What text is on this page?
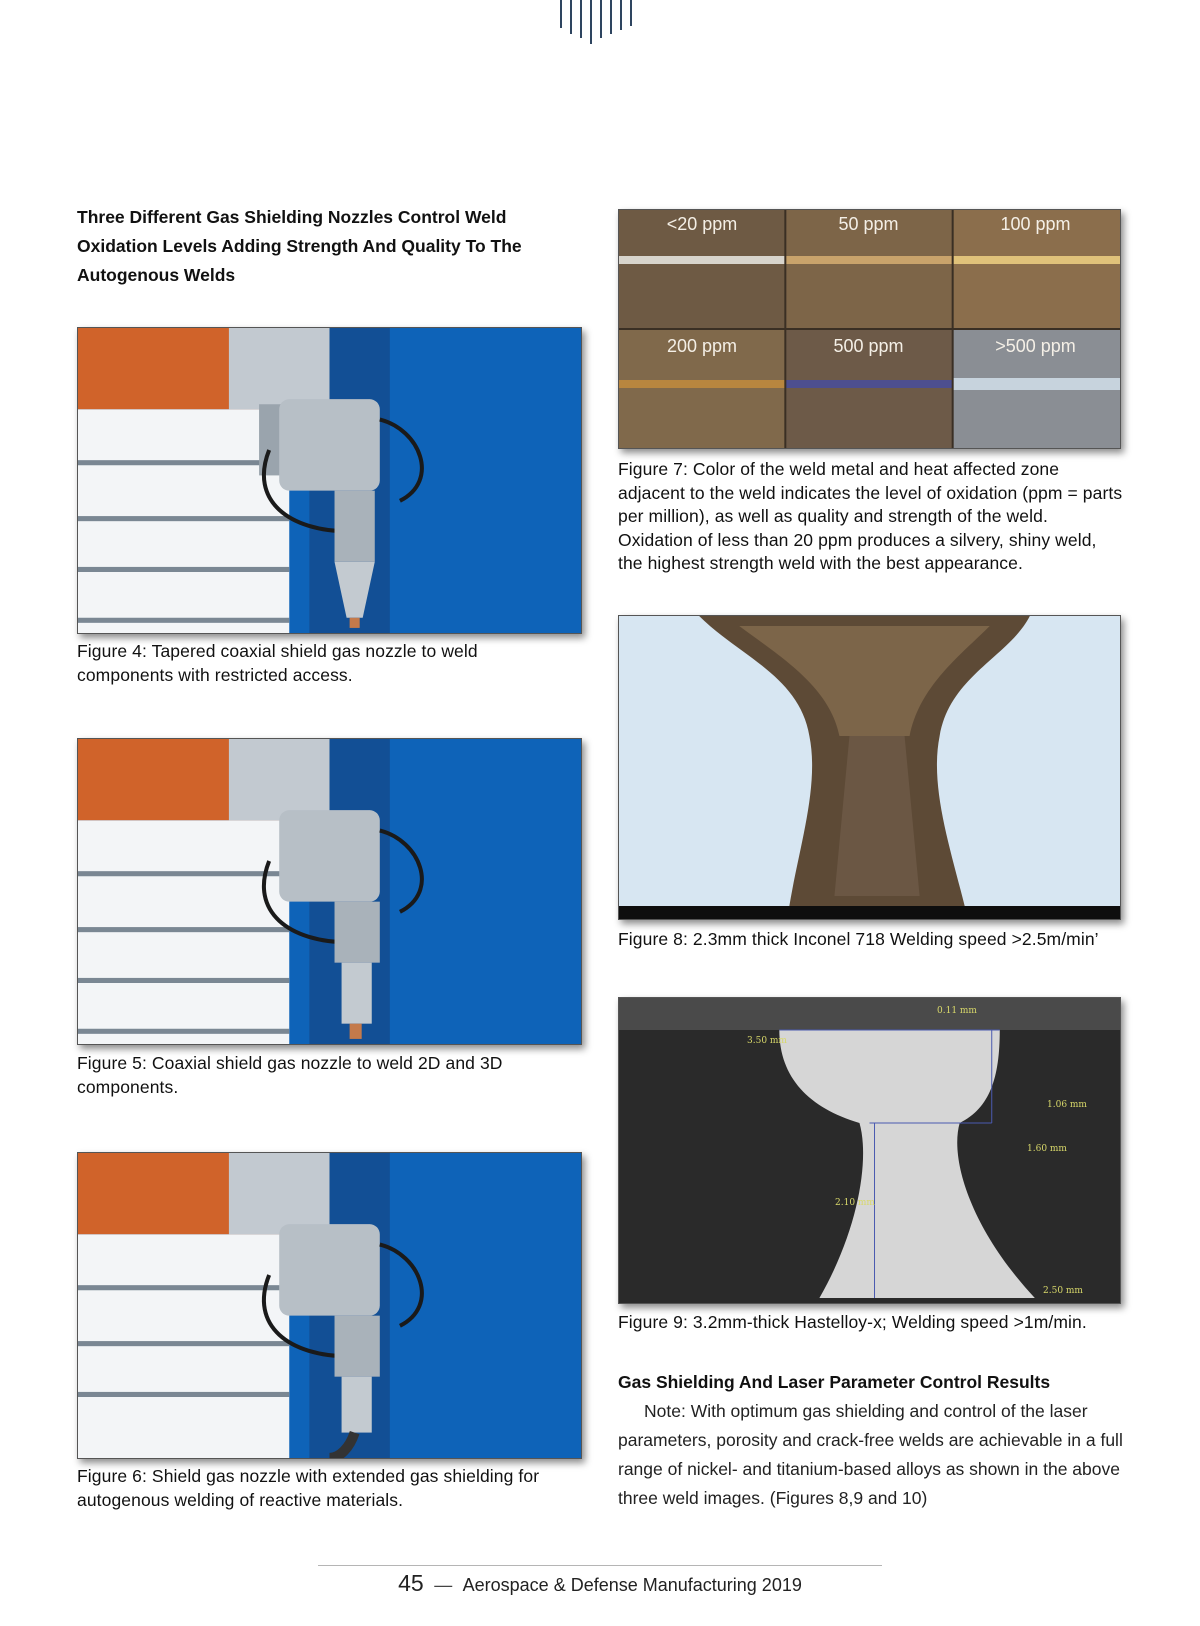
Three Different Gas Shielding Nozzles Control Weld Oxidation Levels Adding Strength And Quality To The Autogenous Welds
Figure 4: Tapered coaxial shield gas nozzle to weld components with restricted access.
Figure 5: Coaxial shield gas nozzle to weld 2D and 3D components.
Figure 6: Shield gas nozzle with extended gas shielding for autogenous welding of reactive materials.
<20 ppm	50 ppm	100 ppm
200 ppm	500 ppm	>500 ppm
Figure 7: Color of the weld metal and heat affected zone adjacent to the weld indicates the level of oxidation (ppm = parts per million), as well as quality and strength of the weld. Oxidation of less than 20 ppm produces a silvery, shiny weld, the highest strength weld with the best appearance.
Figure 8: 2.3mm thick Inconel 718 Welding speed >2.5m/min’
0.11 mm
3.50 mm
1.06 mm
1.60 mm
2.10 mm
2.50 mm
Figure 9: 3.2mm-thick Hastelloy-x; Welding speed >1m/min.
Gas Shielding And Laser Parameter Control Results
Note: With optimum gas shielding and control of the laser parameters, porosity and crack-free welds are achievable in a full range of nickel- and titanium-based alloys as shown in the above three weld images. (Figures 8,9 and 10)
45 — Aerospace & Defense Manufacturing 2019
